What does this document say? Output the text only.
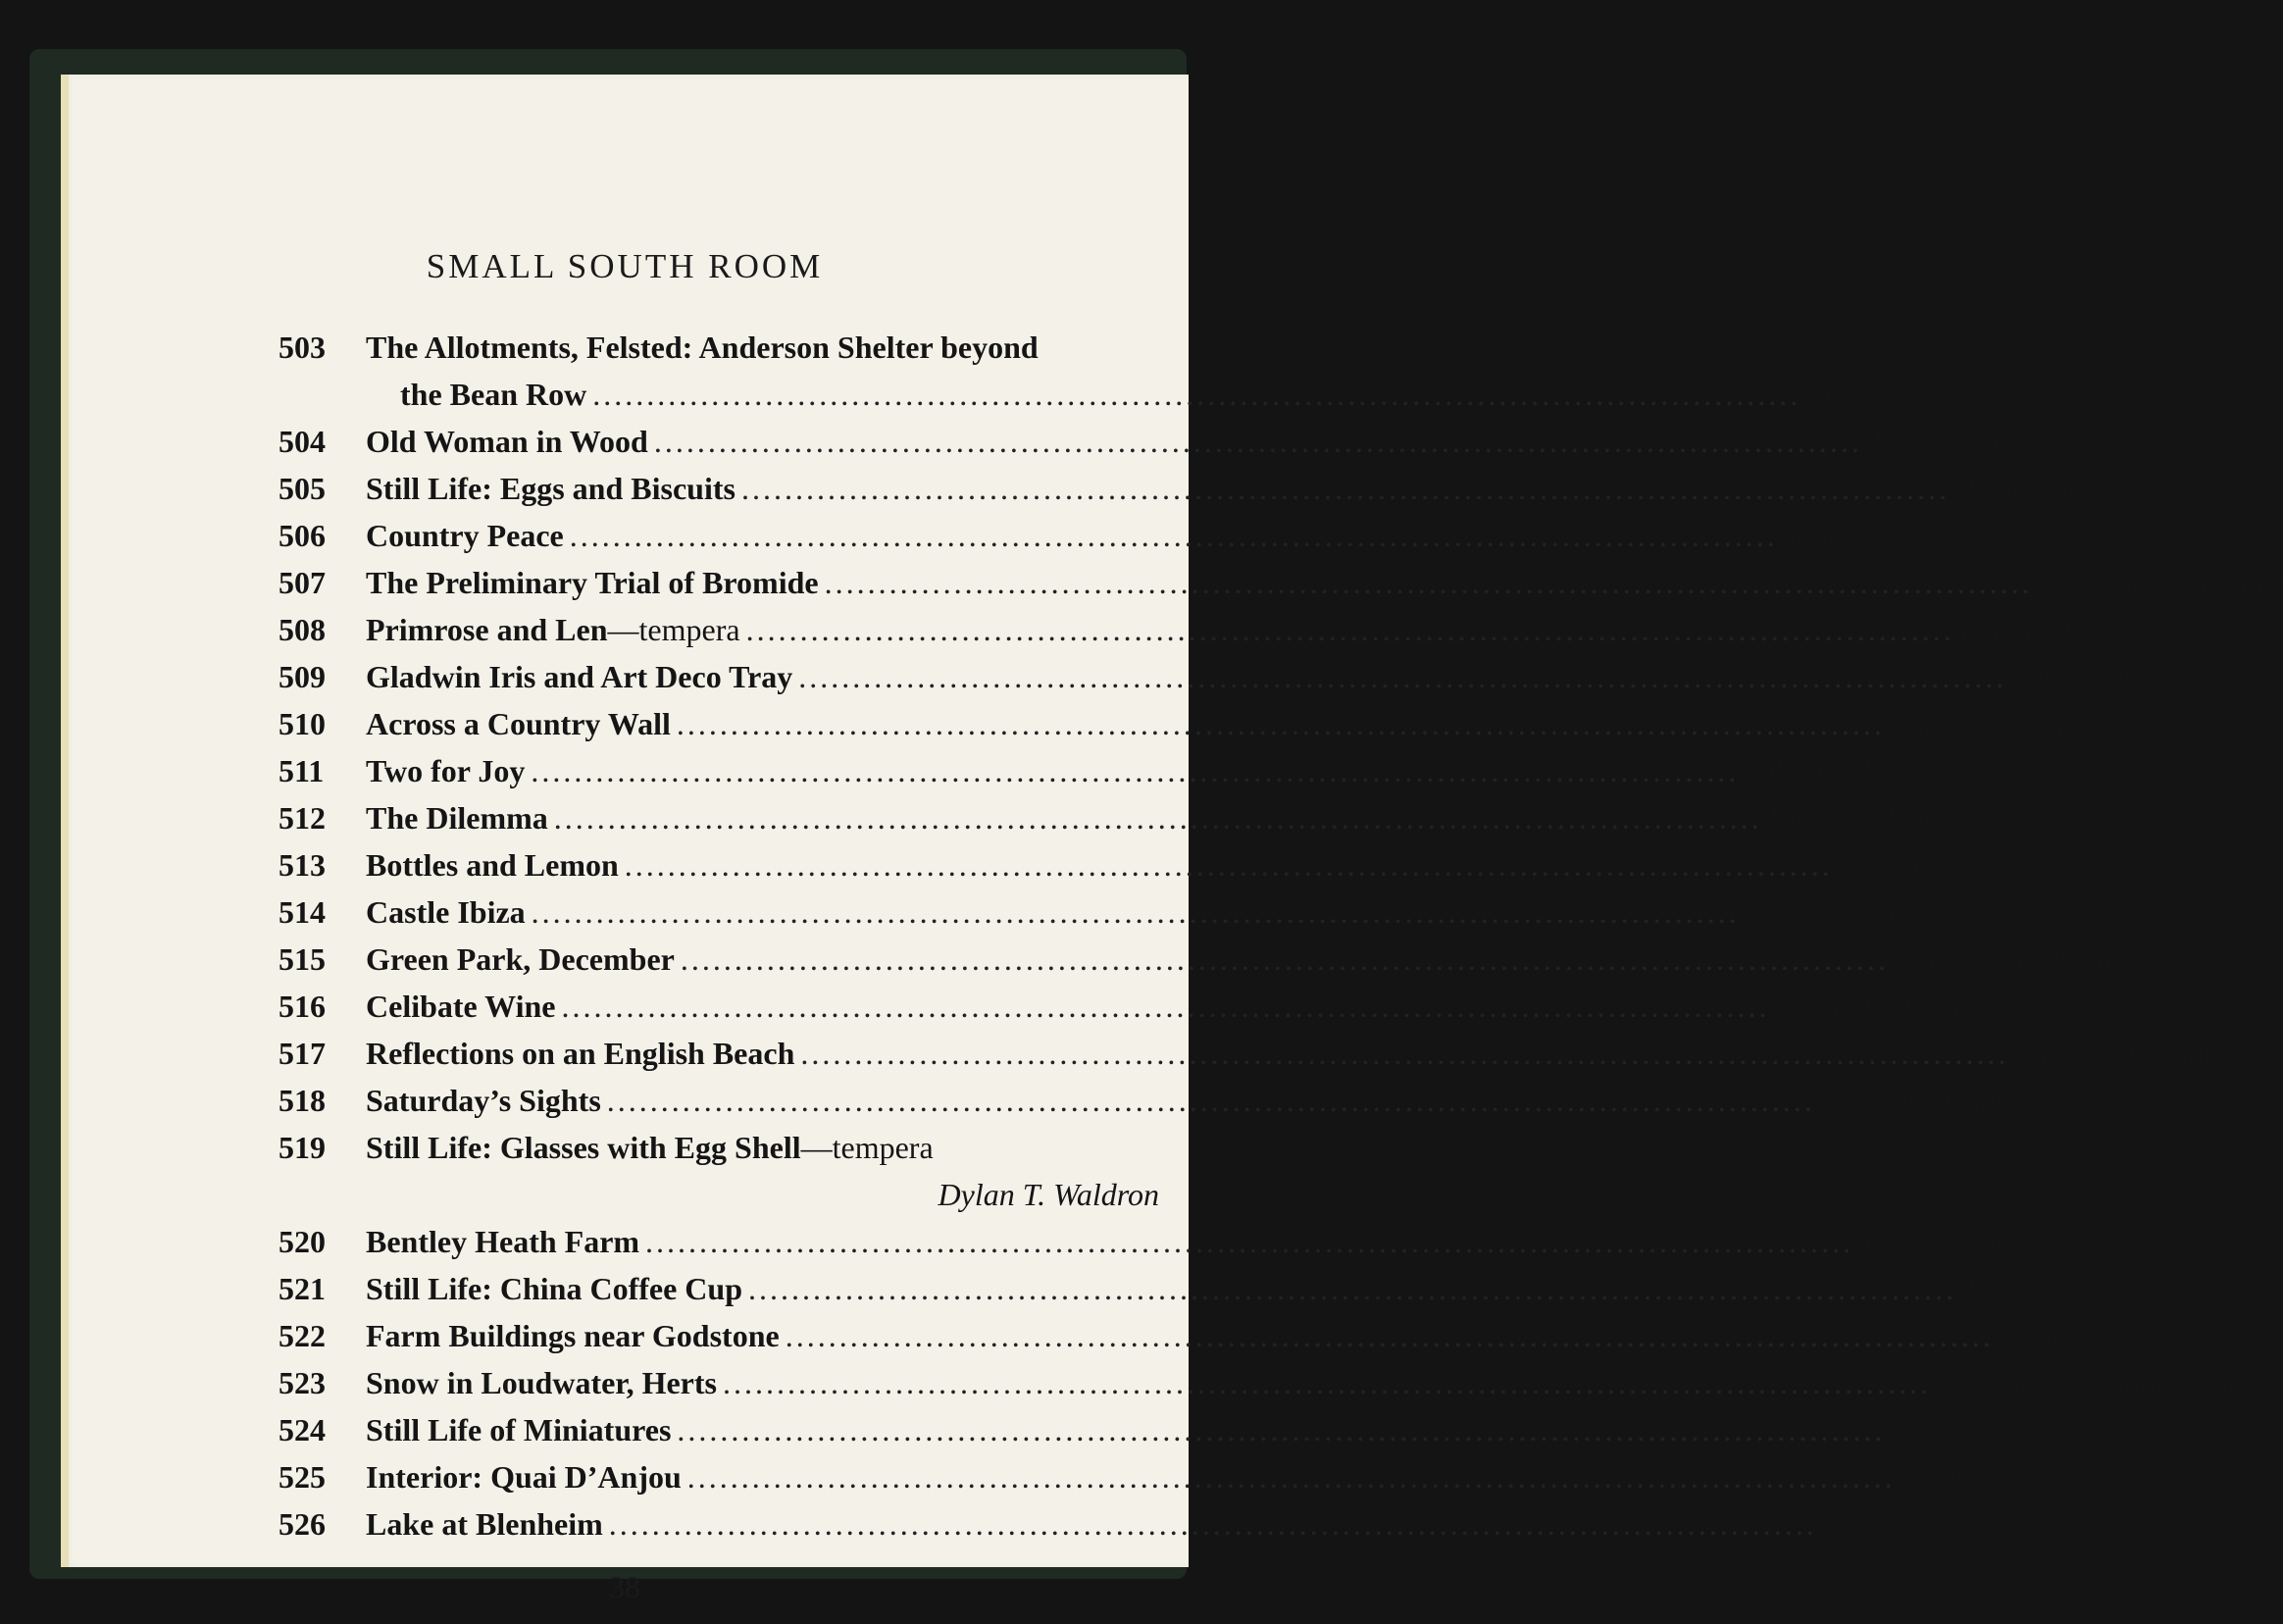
SMALL SOUTH ROOM
503 The Allotments, Felsted: Anderson Shelter beyond
the Bean Row .....	Thomas Deakins
504 Old Woman in Wood .....	Jean Cawood
505 Still Life: Eggs and Biscuits .....	Pamela Kay
506 Country Peace .....	Joachim Krüger
507 The Preliminary Trial of Bromide .....	James M. Grainger
508 Primrose and Len—tempera .....	Bridget Baker
509 Gladwin Iris and Art Deco Tray .....	John Morley
510 Across a Country Wall .....	Michael J. Miller
511 Two for Joy .....	John B. Hiscock
512 The Dilemma .....	Richard Bent
513 Bottles and Lemon .....	Anne Kendall
514 Castle Ibiza .....	Peggy E. Gedye
515 Green Park, December .....	Andrew M. Pringle
516 Celibate Wine .....	Joyce A. O’Shea
517 Reflections on an English Beach .....	Thomas J. Coates
518 Saturday’s Sights .....	Charles Debenham
519 Still Life: Glasses with Egg Shell—tempera
Dylan T. Waldron
520 Bentley Heath Farm .....	Jeanne Holder
521 Still Life: China Coffee Cup .....	Joyce Seddon
522 Farm Buildings near Godstone .....	Denis Lucas
523 Snow in Loudwater, Herts .....	Kathleen L. Wigglesworth
524 Still Life of Miniatures .....	Edna Bizon
525 Interior: Quai D’Anjou .....	Gabrielle Moore
526 Lake at Blenheim .....	Anthony Morris
38
